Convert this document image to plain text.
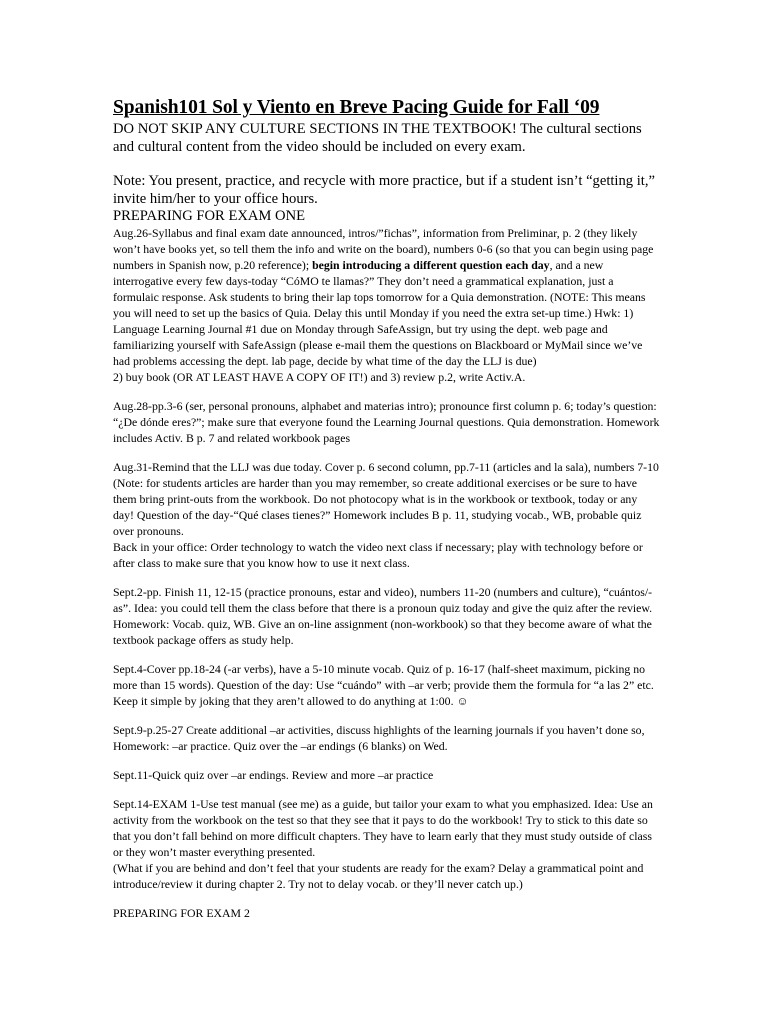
Spanish101 Sol y Viento en Breve Pacing Guide for Fall ‘09

DO NOT SKIP ANY CULTURE SECTIONS IN THE TEXTBOOK! The cultural sections and cultural content from the video should be included on every exam.

Note: You present, practice, and recycle with more practice, but if a student isn’t “getting it,” invite him/her to your office hours.

PREPARING FOR EXAM ONE

Aug.26-Syllabus and final exam date announced, intros/”fichas”, information from Preliminar, p. 2 (they likely won’t have books yet, so tell them the info and write on the board), numbers 0-6 (so that you can begin using page numbers in Spanish now, p.20 reference); begin introducing a different question each day, and a new interrogative every few days-today “CóMO te llamas?” They don’t need a grammatical explanation, just a formulaic response. Ask students to bring their lap tops tomorrow for a Quia demonstration. (NOTE: This means you will need to set up the basics of Quia. Delay this until Monday if you need the extra set-up time.) Hwk: 1) Language Learning Journal #1 due on Monday through SafeAssign, but try using the dept. web page and familiarizing yourself with SafeAssign (please e-mail them the questions on Blackboard or MyMail since we’ve had problems accessing the dept. lab page, decide by what time of the day the LLJ is due)

2) buy book (OR AT LEAST HAVE A COPY OF IT!) and 3) review p.2, write Activ.A.

Aug.28-pp.3-6 (ser, personal pronouns, alphabet and materias intro); pronounce first column p. 6; today’s question: “¿De dónde eres?”; make sure that everyone found the Learning Journal questions. Quia demonstration. Homework includes Activ. B p. 7 and related workbook pages

Aug.31-Remind that the LLJ was due today. Cover p. 6 second column, pp.7-11 (articles and la sala), numbers 7-10 (Note: for students articles are harder than you may remember, so create additional exercises or be sure to have them bring print-outs from the workbook. Do not photocopy what is in the workbook or textbook, today or any day! Question of the day-“Qué clases tienes?” Homework includes B p. 11, studying vocab., WB, probable quiz over pronouns.

Back in your office: Order technology to watch the video next class if necessary; play with technology before or after class to make sure that you know how to use it next class.

Sept.2-pp. Finish 11, 12-15 (practice pronouns, estar and video), numbers 11-20 (numbers and culture), “cuántos/-as”. Idea: you could tell them the class before that there is a pronoun quiz today and give the quiz after the review. Homework: Vocab. quiz, WB. Give an on-line assignment (non-workbook) so that they become aware of what the textbook package offers as study help.

Sept.4-Cover pp.18-24 (-ar verbs), have a 5-10 minute vocab. Quiz of p. 16-17 (half-sheet maximum, picking no more than 15 words). Question of the day: Use “cuándo” with –ar verb; provide them the formula for “a las 2” etc. Keep it simple by joking that they aren’t allowed to do anything at 1:00. ☺

Sept.9-p.25-27 Create additional –ar activities, discuss highlights of the learning journals if you haven’t done so, Homework: –ar practice. Quiz over the –ar endings (6 blanks) on Wed.

Sept.11-Quick quiz over –ar endings. Review and more –ar practice

Sept.14-EXAM 1-Use test manual (see me) as a guide, but tailor your exam to what you emphasized. Idea: Use an activity from the workbook on the test so that they see that it pays to do the workbook! Try to stick to this date so that you don’t fall behind on more difficult chapters. They have to learn early that they must study outside of class or they won’t master everything presented.

(What if you are behind and don’t feel that your students are ready for the exam? Delay a grammatical point and introduce/review it during chapter 2. Try not to delay vocab. or they’ll never catch up.)

PREPARING FOR EXAM 2
